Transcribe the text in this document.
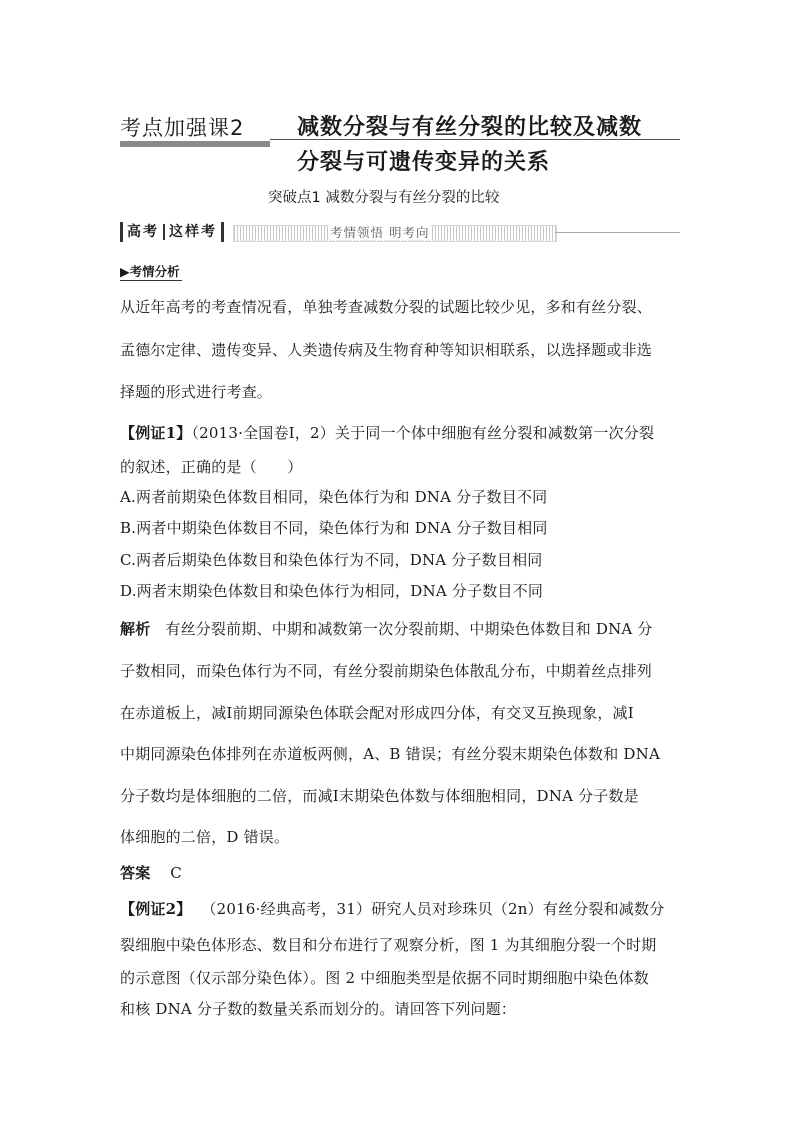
考点加强课2 减数分裂与有丝分裂的比较及减数
分裂与可遗传变异的关系
突破点1 减数分裂与有丝分裂的比较
高考 这样考	考情领悟 明考向
▶考情分析
从近年高考的考查情况看，单独考查减数分裂的试题比较少见，多和有丝分裂、
孟德尔定律、遗传变异、人类遗传病及生物育种等知识相联系，以选择题或非选
择题的形式进行考查。
【例证1】（2013·全国卷Ⅰ，2）关于同一个体中细胞有丝分裂和减数第一次分裂
的叙述，正确的是（　　）
A.两者前期染色体数目相同，染色体行为和 DNA 分子数目不同
B.两者中期染色体数目不同，染色体行为和 DNA 分子数目相同
C.两者后期染色体数目和染色体行为不同，DNA 分子数目相同
D.两者末期染色体数目和染色体行为相同，DNA 分子数目不同
解析 有丝分裂前期、中期和减数第一次分裂前期、中期染色体数目和 DNA 分
子数相同，而染色体行为不同，有丝分裂前期染色体散乱分布，中期着丝点排列
在赤道板上，减Ⅰ前期同源染色体联会配对形成四分体，有交叉互换现象，减Ⅰ
中期同源染色体排列在赤道板两侧，A、B 错误；有丝分裂末期染色体数和 DNA
分子数均是体细胞的二倍，而减Ⅰ末期染色体数与体细胞相同，DNA 分子数是
体细胞的二倍，D 错误。
答案 C
【例证2】 （2016·经典高考，31）研究人员对珍珠贝（2n）有丝分裂和减数分
裂细胞中染色体形态、数目和分布进行了观察分析，图 1 为其细胞分裂一个时期
的示意图（仅示部分染色体）。图 2 中细胞类型是依据不同时期细胞中染色体数
和核 DNA 分子数的数量关系而划分的。请回答下列问题：
